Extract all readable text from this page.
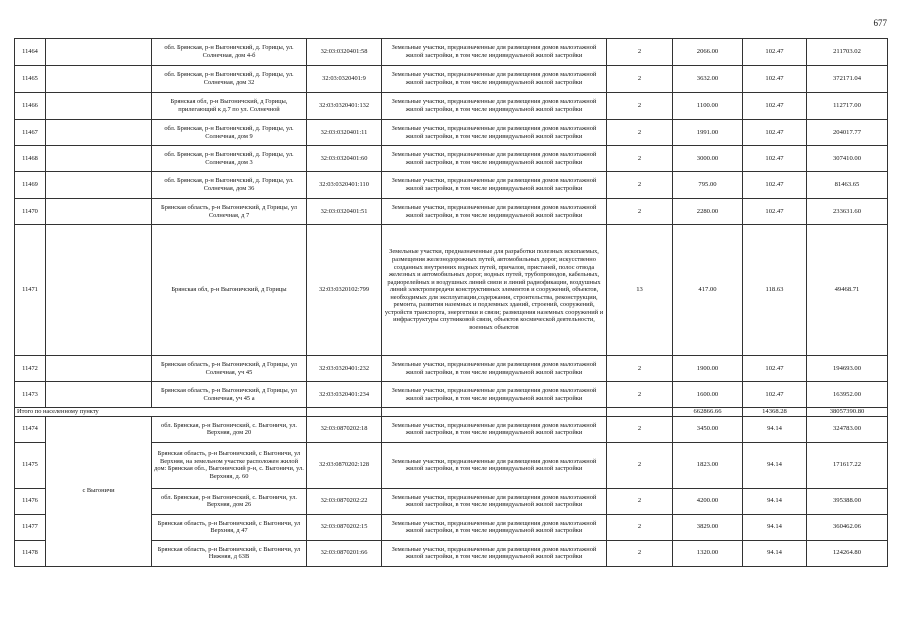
677
11464		обл. Брянская, р-н Выгоничский, д. Горицы, ул. Солнечная, дом 4-б	32:03:0320401:58	Земельные участки, предназначенные для размещения домов малоэтажной жилой застройки, в том числе индивидуальной жилой застройки	2	2066.00	102.47	211703.02
11465		обл. Брянская, р-н Выгоничский, д. Горицы, ул. Солнечная, дом 32	32:03:0320401:9	Земельные участки, предназначенные для размещения домов малоэтажной жилой застройки, в том числе индивидуальной жилой застройки	2	3632.00	102.47	372171.04
11466		Брянская обл, р-н Выгоничский, д Горицы, прилегающий к д.7 по ул. Солнечной	32:03:0320401:132	Земельные участки, предназначенные для размещения домов малоэтажной жилой застройки, в том числе индивидуальной жилой застройки	2	1100.00	102.47	112717.00
11467		обл. Брянская, р-н Выгоничский, д. Горицы, ул. Солнечная, дом 9	32:03:0320401:11	Земельные участки, предназначенные для размещения домов малоэтажной жилой застройки, в том числе индивидуальной жилой застройки	2	1991.00	102.47	204017.77
11468		обл. Брянская, р-н Выгоничский, д. Горицы, ул. Солнечная, дом 3	32:03:0320401:60	Земельные участки, предназначенные для размещения домов малоэтажной жилой застройки, в том числе индивидуальной жилой застройки	2	3000.00	102.47	307410.00
11469		обл. Брянская, р-н Выгоничский, д. Горицы, ул. Солнечная, дом 36	32:03:0320401:110	Земельные участки, предназначенные для размещения домов малоэтажной жилой застройки, в том числе индивидуальной жилой застройки	2	795.00	102.47	81463.65
11470		Брянская область, р-н Выгоничский, д Горицы, ул Солнечная, д 7	32:03:0320401:51	Земельные участки, предназначенные для размещения домов малоэтажной жилой застройки, в том числе индивидуальной жилой застройки	2	2280.00	102.47	233631.60
11471		Брянская обл, р-н Выгоничский, д Горицы	32:03:0320102:799	Земельные участки, предназначенные для разработки полезных ископаемых, размещения железнодорожных путей, автомобильных дорог, искусственно созданных внутренних водных путей, причалов, пристаней, полос отвода железных и автомобильных дорог, водных путей, трубопроводов, кабельных, радиорелейных и воздушных линий связи и линий радиофикации, воздушных линий электропередачи конструктивных элементов и сооружений, объектов, необходимых для эксплуатации,содержания, строительства, реконструкции, ремонта, развития наземных и подземных зданий, строений, сооружений, устройств транспорта, энергетики и связи; размещения наземных сооружений и инфраструктуры спутниковой связи, объектов космической деятельности, военных объектов	13	417.00	118.63	49468.71
11472		Брянская область, р-н Выгоничский, д Горицы, ул Солнечная, уч 45	32:03:0320401:232	Земельные участки, предназначенные для размещения домов малоэтажной жилой застройки, в том числе индивидуальной жилой застройки	2	1900.00	102.47	194693.00
11473		Брянская область, р-н Выгоничский, д Горицы, ул Солнечная, уч 45 а	32:03:0320401:234	Земельные участки, предназначенные для размещения домов малоэтажной жилой застройки, в том числе индивидуальной жилой застройки	2	1600.00	102.47	163952.00
Итого по населенному пункту						662866.66	14368.28	38057390.80
11474	с Выгоничи	обл. Брянская, р-н Выгоничский, с. Выгоничи, ул. Верхняя, дом 20	32:03:0870202:18	Земельные участки, предназначенные для размещения домов малоэтажной жилой застройки, в том числе индивидуальной жилой застройки	2	3450.00	94.14	324783.00
11475		Брянская область, р-н Выгоничский, с Выгоничи, ул Верхняя, на земельном участке расположен жилой дом: Брянская обл., Выгоничский р-н, с. Выгоничи, ул. Верхняя, д. 60	32:03:0870202:128	Земельные участки, предназначенные для размещения домов малоэтажной жилой застройки, в том числе индивидуальной жилой застройки	2	1823.00	94.14	171617.22
11476		обл. Брянская, р-н Выгоничский, с. Выгоничи, ул. Верхняя, дом 26	32:03:0870202:22	Земельные участки, предназначенные для размещения домов малоэтажной жилой застройки, в том числе индивидуальной жилой застройки	2	4200.00	94.14	395388.00
11477		Брянская область, р-н Выгоничский, с Выгоничи, ул Верхняя, д 47	32:03:0870202:15	Земельные участки, предназначенные для размещения домов малоэтажной жилой застройки, в том числе индивидуальной жилой застройки	2	3829.00	94.14	360462.06
11478		Брянская область, р-н Выгоничский, с Выгоничи, ул Нижняя, д 63В	32:03:0870201:66	Земельные участки, предназначенные для размещения домов малоэтажной жилой застройки, в том числе индивидуальной жилой застройки	2	1320.00	94.14	124264.80
